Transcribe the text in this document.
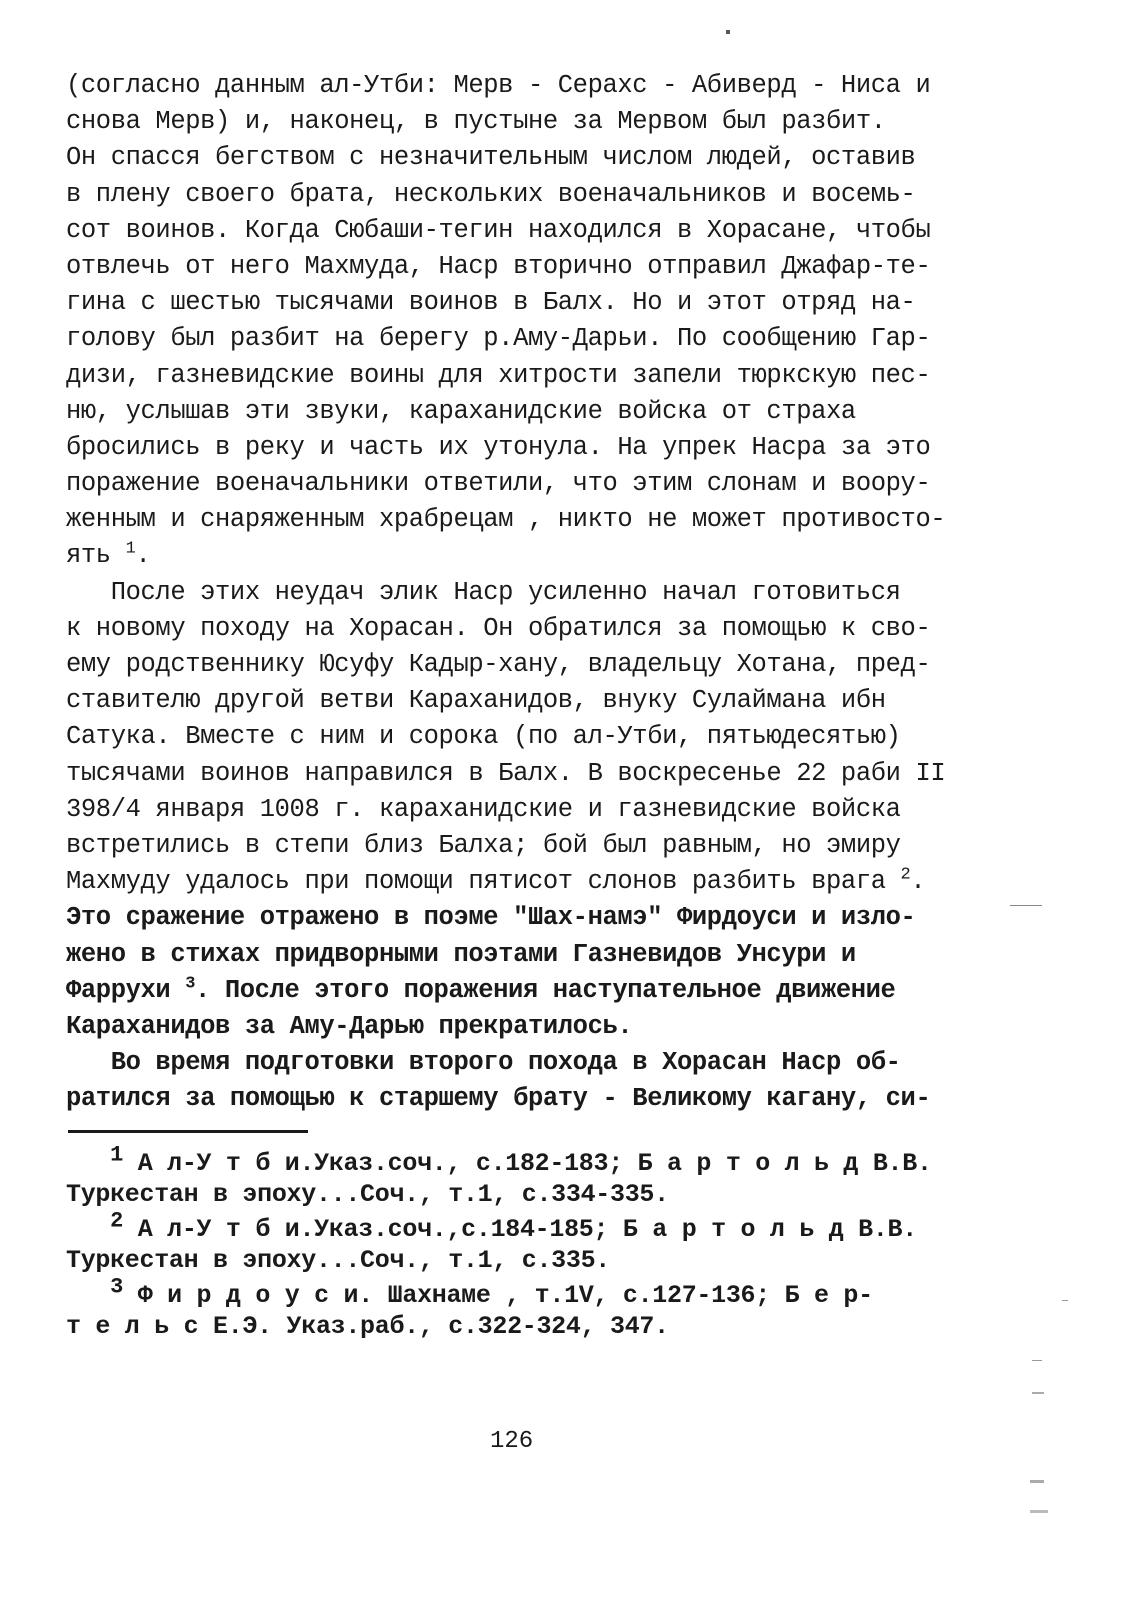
(согласно данным ал-Утби: Мерв - Серахс - Абиверд - Ниса и
снова Мерв) и, наконец, в пустыне за Мервом был разбит.
Он спасся бегством с незначительным числом людей, оставив
в плену своего брата, нескольких военачальников и восемь-
сот воинов. Когда Сюбаши-тегин находился в Хорасане, чтобы
отвлечь от него Махмуда, Наср вторично отправил Джафар-те-
гина с шестью тысячами воинов в Балх. Но и этот отряд на-
голову был разбит на берегу р.Аму-Дарьи. По сообщению Гар-
дизи, газневидские воины для хитрости запели тюркскую пес-
ню, услышав эти звуки, караханидские войска от страха
бросились в реку и часть их утонула. На упрек Насра за это
поражение военачальники ответили, что этим слонам и воору-
женным и снаряженным храбрецам , никто не может противосто-
ять $^1$.
После этих неудач элик Наср усиленно начал готовиться
к новому походу на Хорасан. Он обратился за помощью к сво-
ему родственнику Юсуфу Кадыр-хану, владельцу Хотана, пред-
ставителю другой ветви Караханидов, внуку Сулаймана ибн
Сатука. Вместе с ним и сорока (по ал-Утби, пятьюдесятью)
тысячами воинов направился в Балх. В воскресенье 22 раби II
398/4 января 1008 г. караханидские и газневидские войска
встретились в степи близ Балха; бой был равным, но эмиру
Махмуду удалось при помощи пятисот слонов разбить врага $^2$.
Это сражение отражено в поэме "Шах-намэ" Фирдоуси и изло-
жено в стихах придворными поэтами Газневидов Унсури и
Фаррухи $^3$. После этого поражения наступательное движение
Караханидов за Аму-Дарью прекратилось.
Во время подготовки второго похода в Хорасан Наср об-
ратился за помощью к старшему брату - Великому кагану, си-
1 А л-У т б и.Указ.соч., с.182-183; Б а р т о л ь д В.В.
Туркестан в эпоху...Соч., т.1, с.334-335.
2 А л-У т б и.Указ.соч.,с.184-185; Б а р т о л ь д В.В.
Туркестан в эпоху...Соч., т.1, с.335.
3 Ф и р д о у с и. Шахнаме , т.1V, с.127-136; Б е р-
т е л ь с Е.Э. Указ.раб., с.322-324, 347.
126
